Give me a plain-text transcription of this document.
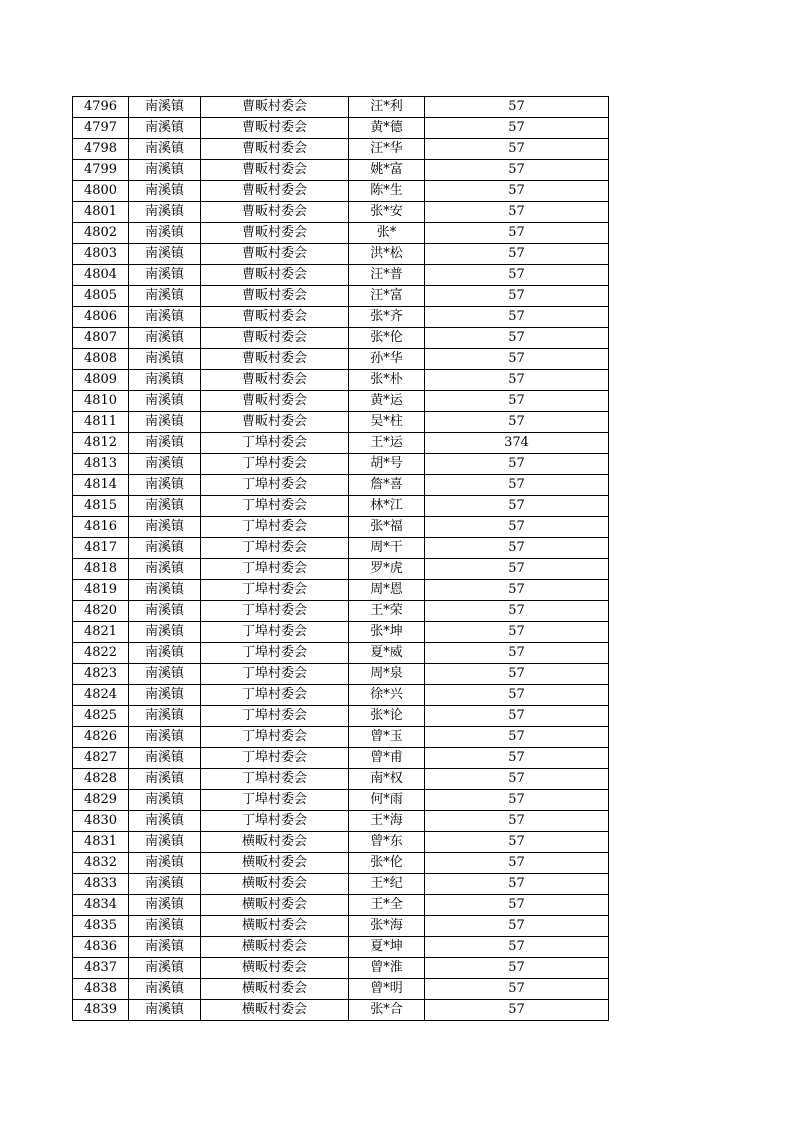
4796	南溪镇	曹畈村委会	汪*利	57
4797	南溪镇	曹畈村委会	黄*德	57
4798	南溪镇	曹畈村委会	汪*华	57
4799	南溪镇	曹畈村委会	姚*富	57
4800	南溪镇	曹畈村委会	陈*生	57
4801	南溪镇	曹畈村委会	张*安	57
4802	南溪镇	曹畈村委会	张*	57
4803	南溪镇	曹畈村委会	洪*松	57
4804	南溪镇	曹畈村委会	汪*普	57
4805	南溪镇	曹畈村委会	汪*富	57
4806	南溪镇	曹畈村委会	张*齐	57
4807	南溪镇	曹畈村委会	张*伦	57
4808	南溪镇	曹畈村委会	孙*华	57
4809	南溪镇	曹畈村委会	张*朴	57
4810	南溪镇	曹畈村委会	黄*运	57
4811	南溪镇	曹畈村委会	吴*柱	57
4812	南溪镇	丁埠村委会	王*运	374
4813	南溪镇	丁埠村委会	胡*号	57
4814	南溪镇	丁埠村委会	詹*喜	57
4815	南溪镇	丁埠村委会	林*江	57
4816	南溪镇	丁埠村委会	张*福	57
4817	南溪镇	丁埠村委会	周*干	57
4818	南溪镇	丁埠村委会	罗*虎	57
4819	南溪镇	丁埠村委会	周*恩	57
4820	南溪镇	丁埠村委会	王*荣	57
4821	南溪镇	丁埠村委会	张*坤	57
4822	南溪镇	丁埠村委会	夏*威	57
4823	南溪镇	丁埠村委会	周*泉	57
4824	南溪镇	丁埠村委会	徐*兴	57
4825	南溪镇	丁埠村委会	张*论	57
4826	南溪镇	丁埠村委会	曾*玉	57
4827	南溪镇	丁埠村委会	曾*甫	57
4828	南溪镇	丁埠村委会	南*权	57
4829	南溪镇	丁埠村委会	何*雨	57
4830	南溪镇	丁埠村委会	王*海	57
4831	南溪镇	横畈村委会	曾*东	57
4832	南溪镇	横畈村委会	张*伦	57
4833	南溪镇	横畈村委会	王*纪	57
4834	南溪镇	横畈村委会	王*全	57
4835	南溪镇	横畈村委会	张*海	57
4836	南溪镇	横畈村委会	夏*坤	57
4837	南溪镇	横畈村委会	曾*淮	57
4838	南溪镇	横畈村委会	曾*明	57
4839	南溪镇	横畈村委会	张*合	57
